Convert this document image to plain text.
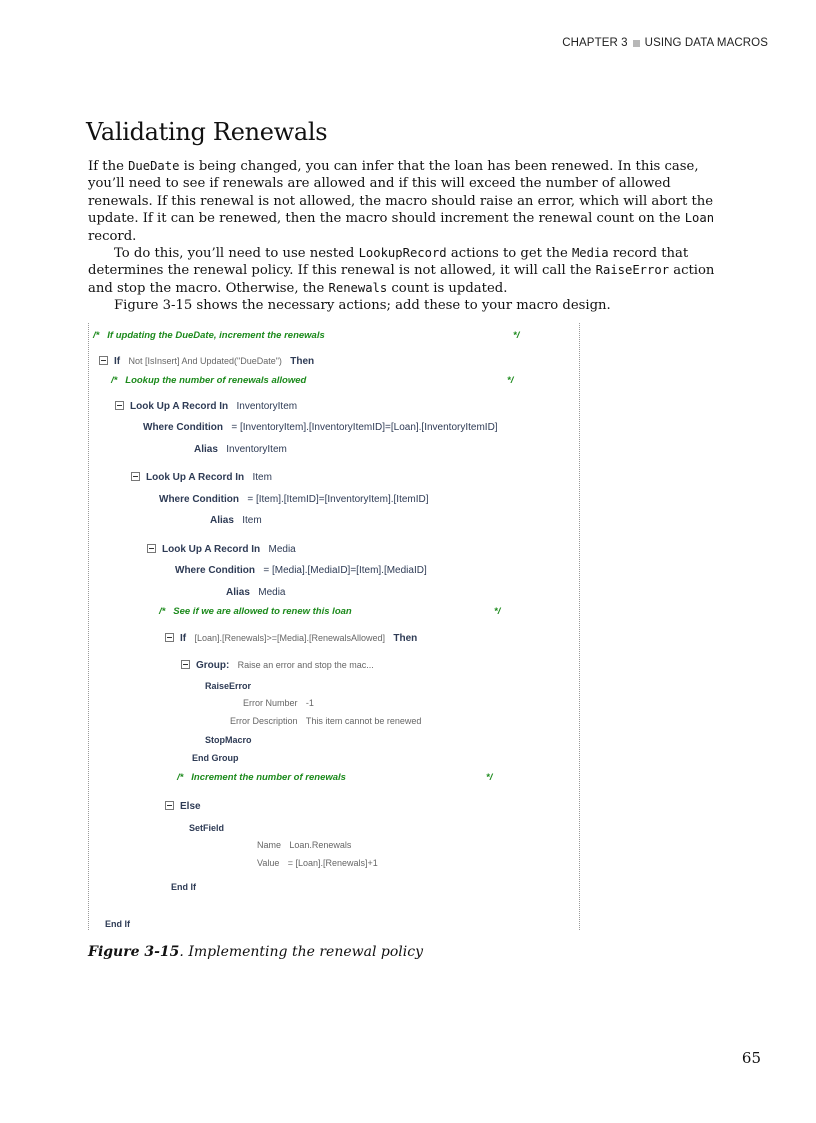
CHAPTER 3 USING DATA MACROS
Validating Renewals

If the DueDate is being changed, you can infer that the loan has been renewed. In this case, you’ll need to see if renewals are allowed and if this will exceed the number of allowed renewals. If this renewal is not allowed, the macro should raise an error, which will abort the update. If it can be renewed, then the macro should increment the renewal count on the Loan record.

To do this, you’ll need to use nested LookupRecord actions to get the Media record that determines the renewal policy. If this renewal is not allowed, it will call the RaiseError action and stop the macro. Otherwise, the Renewals count is updated.

Figure 3-15 shows the necessary actions; add these to your macro design.

/* If updating the DueDate, increment the renewals	*/
If Not [IsInsert] And Updated("DueDate") Then
/* Lookup the number of renewals allowed	*/
Look Up A Record In InventoryItem
Where Condition = [InventoryItem].[InventoryItemID]=[Loan].[InventoryItemID]
Alias InventoryItem
Look Up A Record In Item
Where Condition = [Item].[ItemID]=[InventoryItem].[ItemID]
Alias Item
Look Up A Record In Media
Where Condition = [Media].[MediaID]=[Item].[MediaID]
Alias Media
/* See if we are allowed to renew this loan	*/
If [Loan].[Renewals]>=[Media].[RenewalsAllowed] Then
Group: Raise an error and stop the mac...
RaiseError
Error Number -1
Error Description This item cannot be renewed
StopMacro
End Group
/* Increment the number of renewals	*/
Else
SetField
Name Loan.Renewals
Value = [Loan].[Renewals]+1
End If
End If
Figure 3-15. Implementing the renewal policy
65
